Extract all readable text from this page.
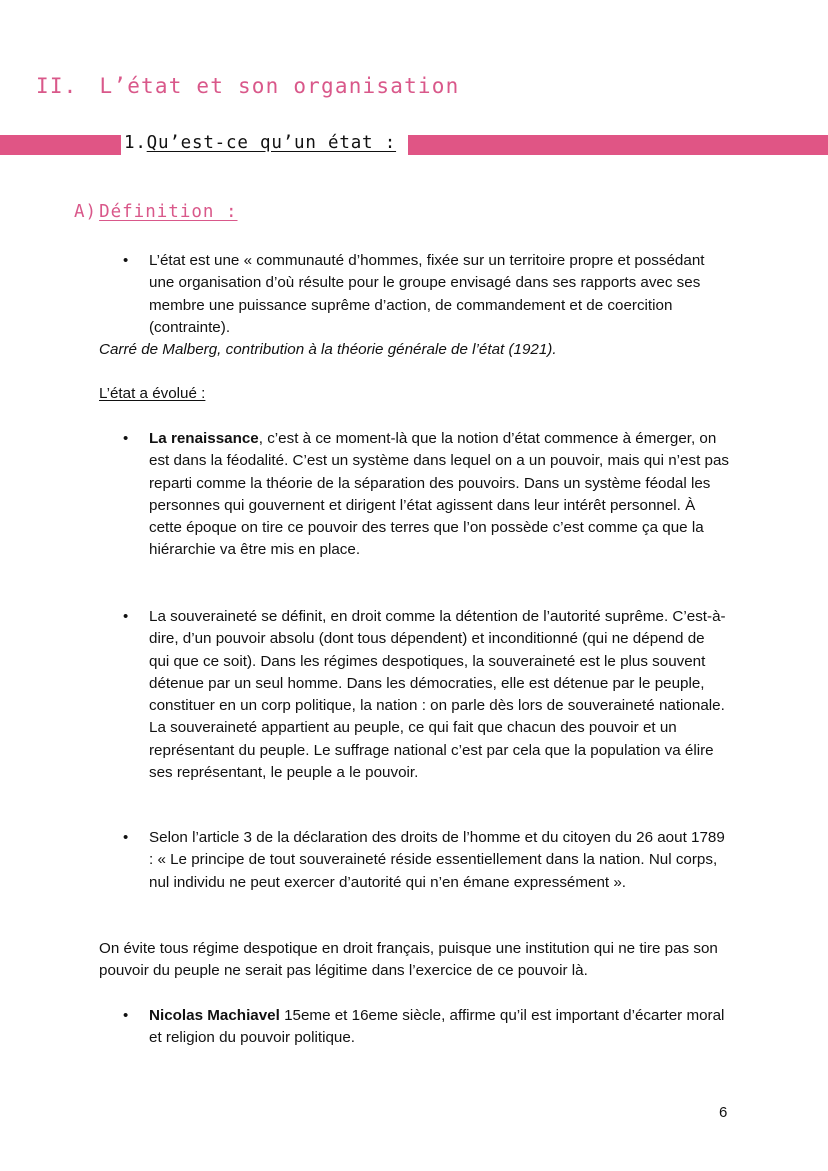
II. L’état et son organisation
1.Qu’est-ce qu’un état :
A) Définition :
• L’état est une « communauté d’hommes, fixée sur un territoire propre et possédant une organisation d’où résulte pour le groupe envisagé dans ses rapports avec ses membre une puissance suprême d’action, de commandement et de coercition (contrainte).
Carré de Malberg, contribution à la théorie générale de l’état (1921).
L’état a évolué :
• La renaissance, c’est à ce moment-là que la notion d’état commence à émerger, on est dans la féodalité. C’est un système dans lequel on a un pouvoir, mais qui n’est pas reparti comme la théorie de la séparation des pouvoirs. Dans un système féodal les personnes qui gouvernent et dirigent l’état agissent dans leur intérêt personnel. À cette époque on tire ce pouvoir des terres que l’on possède c’est comme ça que la hiérarchie va être mis en place.
• La souveraineté se définit, en droit comme la détention de l’autorité suprême. C’est-à-dire, d’un pouvoir absolu (dont tous dépendent) et inconditionné (qui ne dépend de qui que ce soit). Dans les régimes despotiques, la souveraineté est le plus souvent détenue par un seul homme. Dans les démocraties, elle est détenue par le peuple, constituer en un corp politique, la nation : on parle dès lors de souveraineté nationale. La souveraineté appartient au peuple, ce qui fait que chacun des pouvoir et un représentant du peuple. Le suffrage national c’est par cela que la population va élire ses représentant, le peuple a le pouvoir.
• Selon l’article 3 de la déclaration des droits de l’homme et du citoyen du 26 aout 1789 : « Le principe de tout souveraineté réside essentiellement dans la nation. Nul corps, nul individu ne peut exercer d’autorité qui n’en émane expressément ».
On évite tous régime despotique en droit français, puisque une institution qui ne tire pas son pouvoir du peuple ne serait pas légitime dans l’exercice de ce pouvoir là.
• Nicolas Machiavel 15eme et 16eme siècle, affirme qu’il est important d’écarter moral et religion du pouvoir politique.
6
